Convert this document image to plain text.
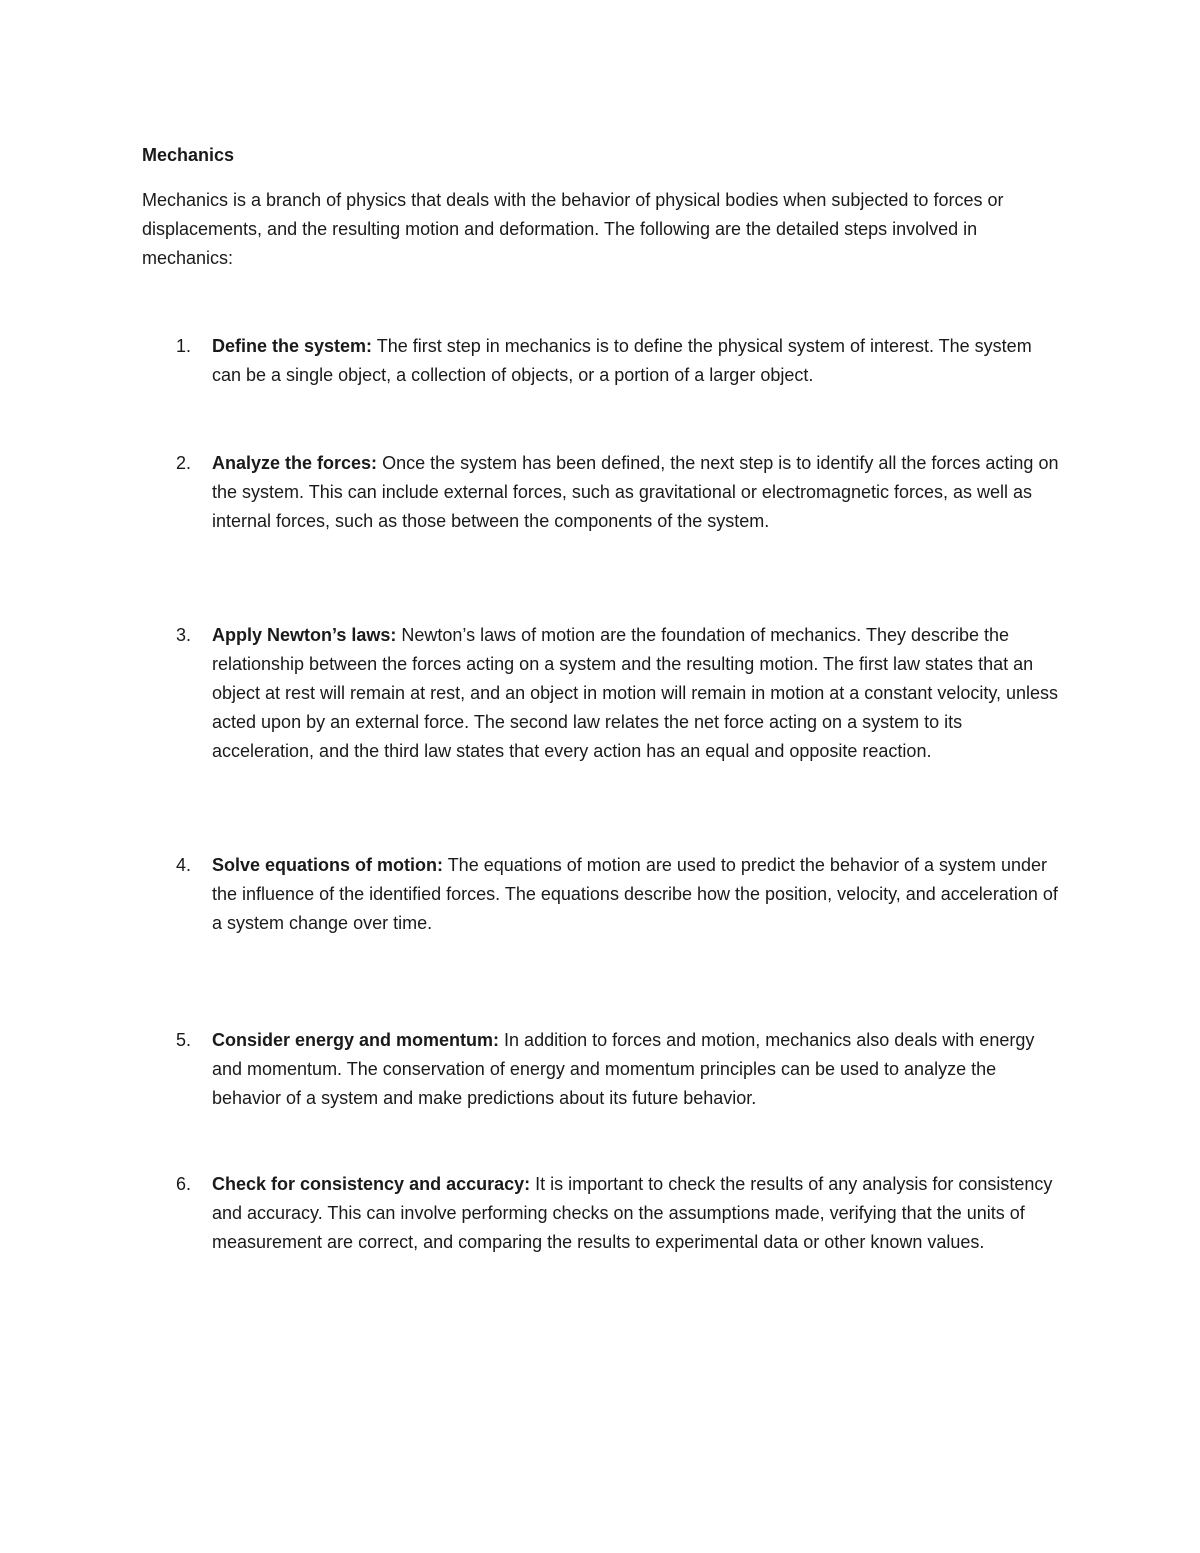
Mechanics

Mechanics is a branch of physics that deals with the behavior of physical bodies when subjected to forces or displacements, and the resulting motion and deformation. The following are the detailed steps involved in mechanics:

1.	Define the system: The first step in mechanics is to define the physical system of interest. The system can be a single object, a collection of objects, or a portion of a larger object.
2.	Analyze the forces: Once the system has been defined, the next step is to identify all the forces acting on the system. This can include external forces, such as gravitational or electromagnetic forces, as well as internal forces, such as those between the components of the system.
3.	Apply Newton’s laws: Newton’s laws of motion are the foundation of mechanics. They describe the relationship between the forces acting on a system and the resulting motion. The first law states that an object at rest will remain at rest, and an object in motion will remain in motion at a constant velocity, unless acted upon by an external force. The second law relates the net force acting on a system to its acceleration, and the third law states that every action has an equal and opposite reaction.
4.	Solve equations of motion: The equations of motion are used to predict the behavior of a system under the influence of the identified forces. The equations describe how the position, velocity, and acceleration of a system change over time.
5.	Consider energy and momentum: In addition to forces and motion, mechanics also deals with energy and momentum. The conservation of energy and momentum principles can be used to analyze the behavior of a system and make predictions about its future behavior.
6.	Check for consistency and accuracy: It is important to check the results of any analysis for consistency and accuracy. This can involve performing checks on the assumptions made, verifying that the units of measurement are correct, and comparing the results to experimental data or other known values.
